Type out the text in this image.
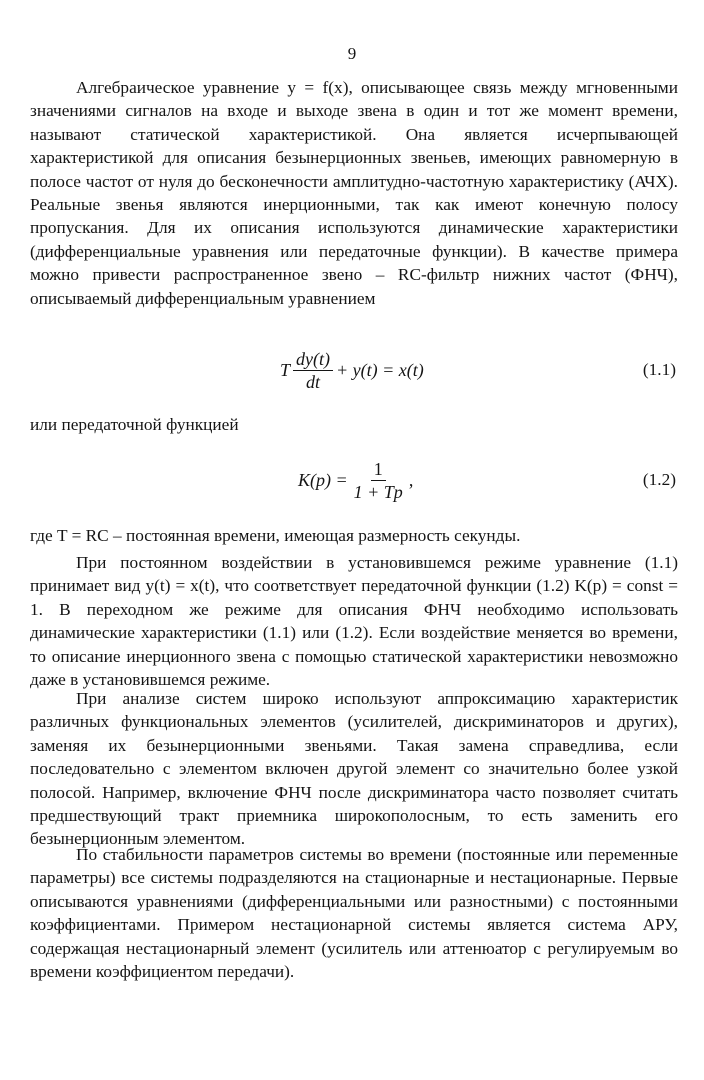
9

Алгебраическое уравнение y = f(x), описывающее связь между мгновенными значениями сигналов на входе и выходе звена в один и тот же момент времени, называют статической характеристикой. Она является исчерпывающей характеристикой для описания безынерционных звеньев, имеющих равномерную в полосе частот от нуля до бесконечности амплитудно-частотную характеристику (АЧХ). Реальные звенья являются инерционными, так как имеют конечную полосу пропускания. Для их описания используются динамические характеристики (дифференциальные уравнения или передаточные функции). В качестве примера можно привести распространенное звено – RC-фильтр нижних частот (ФНЧ), описываемый дифференциальным уравнением

T $\frac{dy(t)}{dt} + y(t) = x(t)$	(1.1)

или передаточной функцией

$K(p) = \frac{1}{1 + Tp}$ ,	(1.2)

где T = RC – постоянная времени, имеющая размерность секунды.

При постоянном воздействии в установившемся режиме уравнение (1.1) принимает вид y(t) = x(t), что соответствует передаточной функции (1.2) K(p) = const = 1. В переходном же режиме для описания ФНЧ необходимо использовать динамические характеристики (1.1) или (1.2). Если воздействие меняется во времени, то описание инерционного звена с помощью статической характеристики невозможно даже в установившемся режиме.

При анализе систем широко используют аппроксимацию характеристик различных функциональных элементов (усилителей, дискриминаторов и других), заменяя их безынерционными звеньями. Такая замена справедлива, если последовательно с элементом включен другой элемент со значительно более узкой полосой. Например, включение ФНЧ после дискриминатора часто позволяет считать предшествующий тракт приемника широкополосным, то есть заменить его безынерционным элементом.

По стабильности параметров системы во времени (постоянные или переменные параметры) все системы подразделяются на стационарные и нестационарные. Первые описываются уравнениями (дифференциальными или разностными) с постоянными коэффициентами. Примером нестационарной системы является система АРУ, содержащая нестационарный элемент (усилитель или аттенюатор с регулируемым во времени коэффициентом передачи).
